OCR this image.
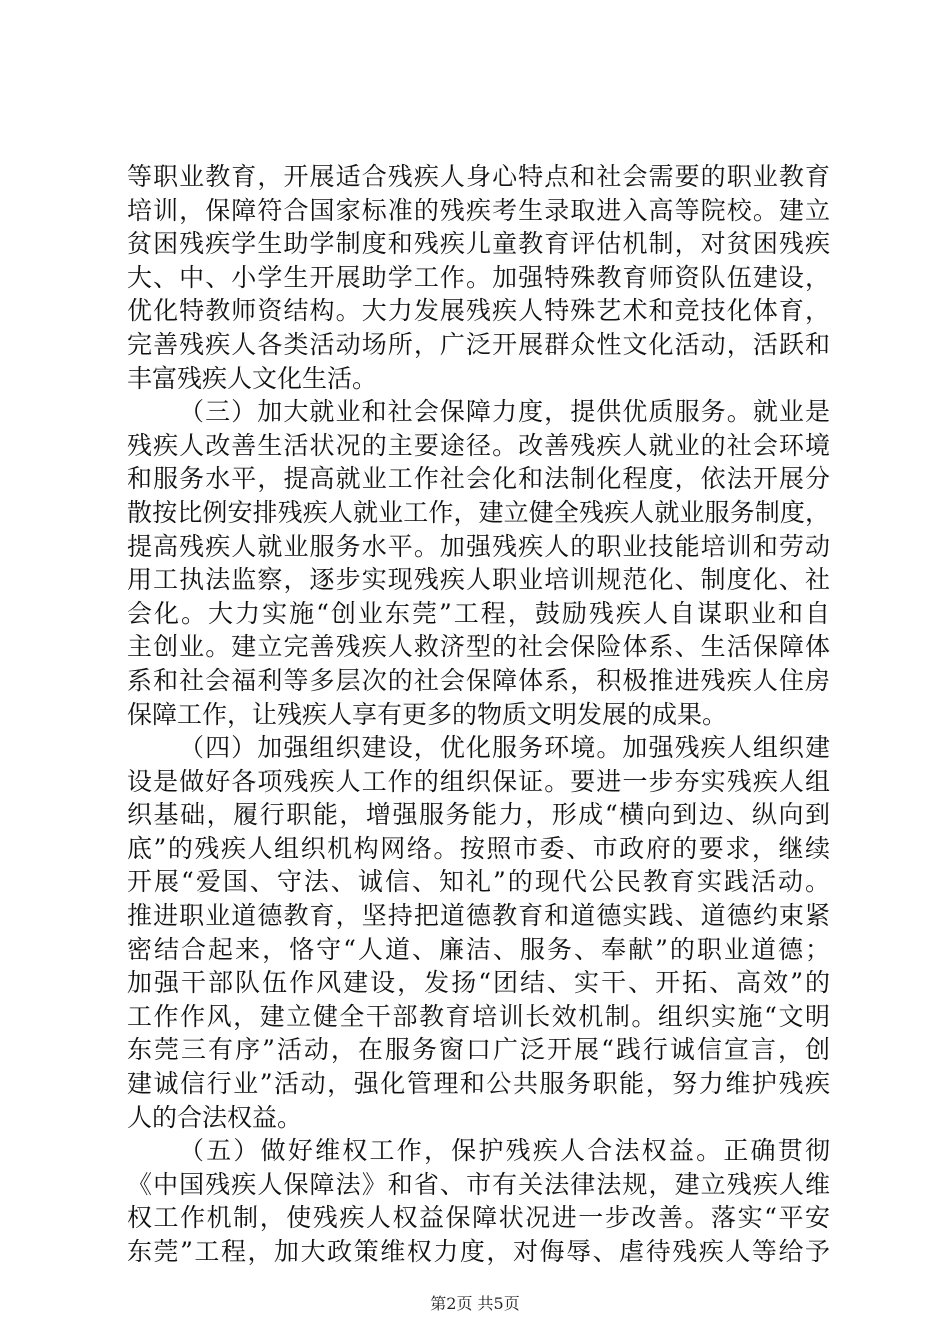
等职业教育，开展适合残疾人身心特点和社会需要的职业教育
培训，保障符合国家标准的残疾考生录取进入高等院校。建立
贫困残疾学生助学制度和残疾儿童教育评估机制，对贫困残疾
大、中、小学生开展助学工作。加强特殊教育师资队伍建设，
优化特教师资结构。大力发展残疾人特殊艺术和竞技化体育，
完善残疾人各类活动场所，广泛开展群众性文化活动，活跃和
丰富残疾人文化生活。
（三）加大就业和社会保障力度，提供优质服务。就业是
残疾人改善生活状况的主要途径。改善残疾人就业的社会环境
和服务水平，提高就业工作社会化和法制化程度，依法开展分
散按比例安排残疾人就业工作，建立健全残疾人就业服务制度，
提高残疾人就业服务水平。加强残疾人的职业技能培训和劳动
用工执法监察，逐步实现残疾人职业培训规范化、制度化、社
会化。大力实施“创业东莞”工程，鼓励残疾人自谋职业和自
主创业。建立完善残疾人救济型的社会保险体系、生活保障体
系和社会福利等多层次的社会保障体系，积极推进残疾人住房
保障工作，让残疾人享有更多的物质文明发展的成果。
（四）加强组织建设，优化服务环境。加强残疾人组织建
设是做好各项残疾人工作的组织保证。要进一步夯实残疾人组
织基础，履行职能，增强服务能力，形成“横向到边、纵向到
底”的残疾人组织机构网络。按照市委、市政府的要求，继续
开展“爱国、守法、诚信、知礼”的现代公民教育实践活动。
推进职业道德教育，坚持把道德教育和道德实践、道德约束紧
密结合起来，恪守“人道、廉洁、服务、奉献”的职业道德；
加强干部队伍作风建设，发扬“团结、实干、开拓、高效”的
工作作风，建立健全干部教育培训长效机制。组织实施“文明
东莞三有序”活动，在服务窗口广泛开展“践行诚信宣言，创
建诚信行业”活动，强化管理和公共服务职能，努力维护残疾
人的合法权益。
（五）做好维权工作，保护残疾人合法权益。正确贯彻
《中国残疾人保障法》和省、市有关法律法规，建立残疾人维
权工作机制，使残疾人权益保障状况进一步改善。落实“平安
东莞”工程，加大政策维权力度，对侮辱、虐待残疾人等给予
第2页 共5页
